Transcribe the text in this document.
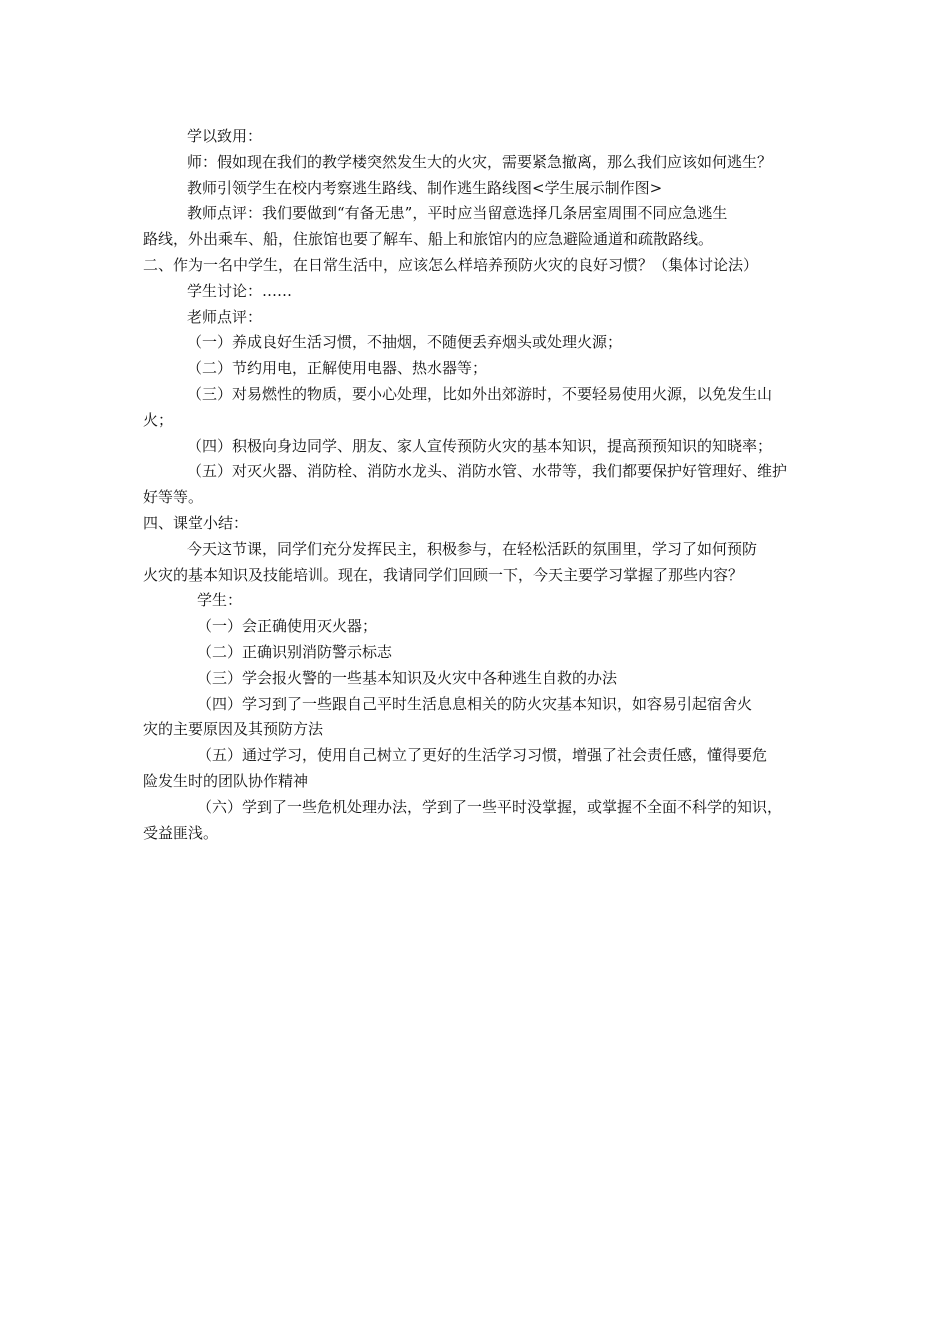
学以致用：
师：假如现在我们的教学楼突然发生大的火灾，需要紧急撤离，那么我们应该如何逃生？
教师引领学生在校内考察逃生路线、制作逃生路线图<学生展示制作图>
教师点评：我们要做到“有备无患”，平时应当留意选择几条居室周围不同应急逃生
路线，外出乘车、船，住旅馆也要了解车、船上和旅馆内的应急避险通道和疏散路线。
二、作为一名中学生，在日常生活中，应该怎么样培养预防火灾的良好习惯？（集体讨论法）
学生讨论：……
老师点评：
（一）养成良好生活习惯，不抽烟，不随便丢弃烟头或处理火源；
（二）节约用电，正解使用电器、热水器等；
（三）对易燃性的物质，要小心处理，比如外出郊游时，不要轻易使用火源，以免发生山
火；
（四）积极向身边同学、朋友、家人宣传预防火灾的基本知识，提高预预知识的知晓率；
（五）对灭火器、消防栓、消防水龙头、消防水管、水带等，我们都要保护好管理好、维护
好等等。
四、课堂小结：
今天这节课，同学们充分发挥民主，积极参与，在轻松活跃的氛围里，学习了如何预防
火灾的基本知识及技能培训。现在，我请同学们回顾一下，今天主要学习掌握了那些内容？
学生：
（一）会正确使用灭火器；
（二）正确识别消防警示标志
（三）学会报火警的一些基本知识及火灾中各种逃生自救的办法
（四）学习到了一些跟自己平时生活息息相关的防火灾基本知识，如容易引起宿舍火
灾的主要原因及其预防方法
（五）通过学习，使用自己树立了更好的生活学习习惯，增强了社会责任感，懂得要危
险发生时的团队协作精神
（六）学到了一些危机处理办法，学到了一些平时没掌握，或掌握不全面不科学的知识，
受益匪浅。
